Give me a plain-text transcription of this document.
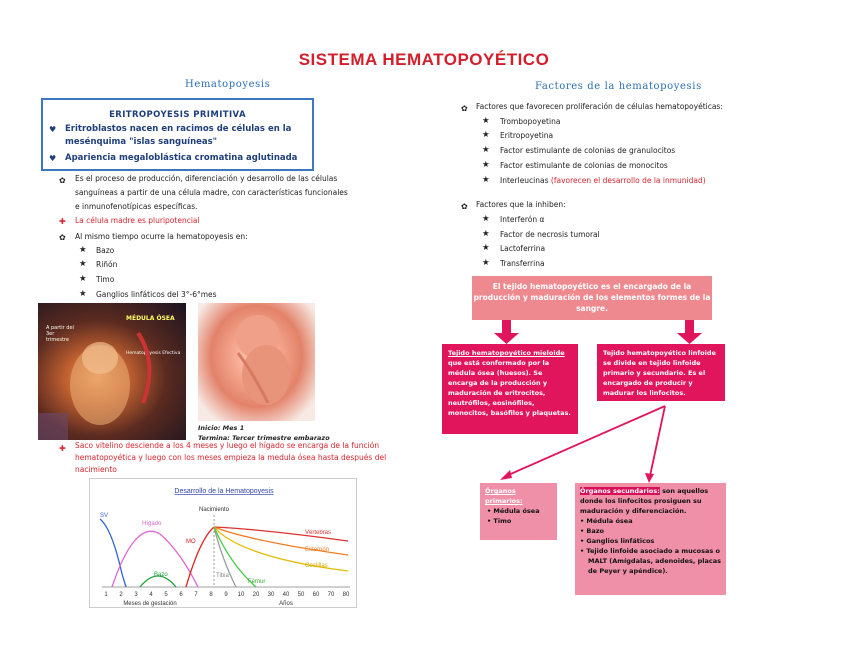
SISTEMA HEMATOPOYÉTICO
Hematopoyesis
ERITROPOYESIS PRIMITIVA
♥ Eritroblastos nacen en racimos de células en la
mesénquima "islas sanguíneas"
♥ Apariencia megaloblástica cromatina aglutinada
✿ Es el proceso de producción, diferenciación y desarrollo de las células
sanguíneas a partir de una célula madre, con características funcionales
e inmunofenotípicas específicas.
✚ La célula madre es pluripotencial
✿ Al mismo tiempo ocurre la hematopoyesis en:
★ Bazo
★ Riñón
★ Timo
★ Ganglios linfáticos del 3°-6°mes
A partir del 3er trimestre
MÉDULA ÓSEA
Hematopoyesis Efectiva
Inicio: Mes 1
Termina: Tercer trimestre embarazo
✚ Saco vitelino desciende a los 4 meses y luego el hígado se encarga de la función
hematopoyética y luego con los meses empieza la medula ósea hasta después del
nacimiento
Desarrollo de la Hematopoyesis
Nacimiento
SV
Hígado
Bazo
MO
Vértebras
Esternón
Costillas
Tibia
Fémur
1 2 3 4 5 6 7 8 9 10 20 30 40 50 60 70 80
Meses de gestación	Años
Factores de la hematopoyesis
✿ Factores que favorecen proliferación de células hematopoyéticas:
★ Trombopoyetina
★ Eritropoyetina
★ Factor estimulante de colonias de granulocitos
★ Factor estimulante de colonias de monocitos
★ Interleucinas (favorecen el desarrollo de la inmunidad)
✿ Factores que la inhiben:
★ Interferón α
★ Factor de necrosis tumoral
★ Lactoferrina
★ Transferrina
El tejido hematopoyético es el encargado de la producción y maduración de los elementos formes de la sangre.
Tejido hematopoyético mieloide que está conformado por la médula ósea (huesos). Se encarga de la producción y maduración de eritrocitos, neutrófilos, eosinófilos, monocitos, basófilos y plaquetas.
Tejido hematopoyético linfoide se divide en tejido linfoide primario y secundario. Es el encargado de producir y madurar los linfocitos.
Órganos primarios:
• Médula ósea
• Timo
Órganos secundarios: son aquellos donde los linfocitos prosiguen su maduración y diferenciación.
• Médula ósea
• Bazo
• Ganglios linfáticos
• Tejido linfoide asociado a mucosas o MALT (Amígdalas, adenoides, placas de Peyer y apéndice).
